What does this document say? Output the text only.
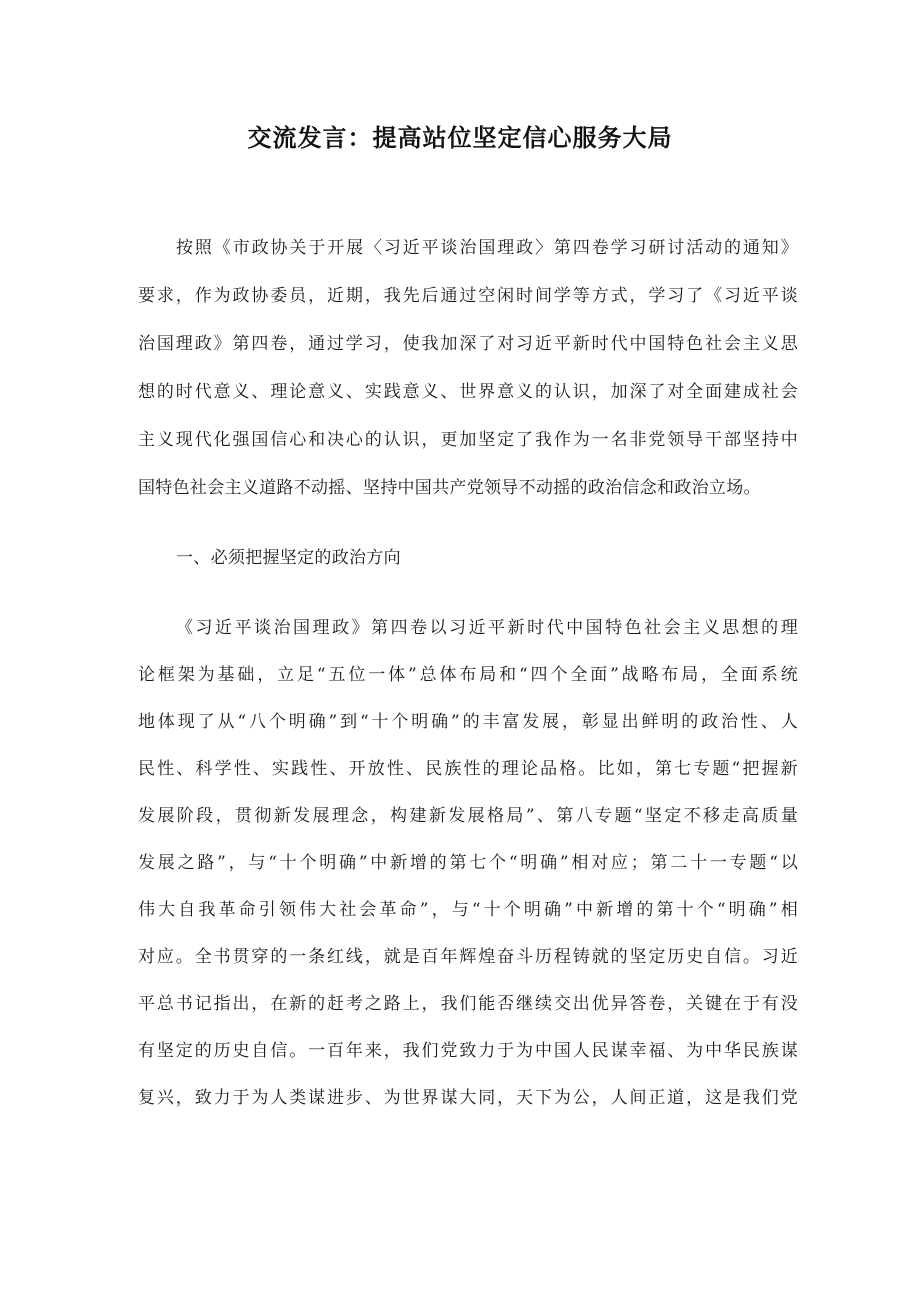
交流发言：提高站位坚定信心服务大局

按照《市政协关于开展〈习近平谈治国理政〉第四卷学习研讨活动的通知》

要求，作为政协委员，近期，我先后通过空闲时间学等方式，学习了《习近平谈

治国理政》第四卷，通过学习，使我加深了对习近平新时代中国特色社会主义思

想的时代意义、理论意义、实践意义、世界意义的认识，加深了对全面建成社会

主义现代化强国信心和决心的认识，更加坚定了我作为一名非党领导干部坚持中

国特色社会主义道路不动摇、坚持中国共产党领导不动摇的政治信念和政治立场。

一、必须把握坚定的政治方向

《习近平谈治国理政》第四卷以习近平新时代中国特色社会主义思想的理

论框架为基础，立足“五位一体”总体布局和“四个全面”战略布局，全面系统

地体现了从“八个明确”到“十个明确”的丰富发展，彰显出鲜明的政治性、人

民性、科学性、实践性、开放性、民族性的理论品格。比如，第七专题“把握新

发展阶段，贯彻新发展理念，构建新发展格局”、第八专题“坚定不移走高质量

发展之路”，与“十个明确”中新增的第七个“明确”相对应；第二十一专题“以

伟大自我革命引领伟大社会革命”，与“十个明确”中新增的第十个“明确”相

对应。全书贯穿的一条红线，就是百年辉煌奋斗历程铸就的坚定历史自信。习近

平总书记指出，在新的赶考之路上，我们能否继续交出优异答卷，关键在于有没

有坚定的历史自信。一百年来，我们党致力于为中国人民谋幸福、为中华民族谋

复兴，致力于为人类谋进步、为世界谋大同，天下为公，人间正道，这是我们党
